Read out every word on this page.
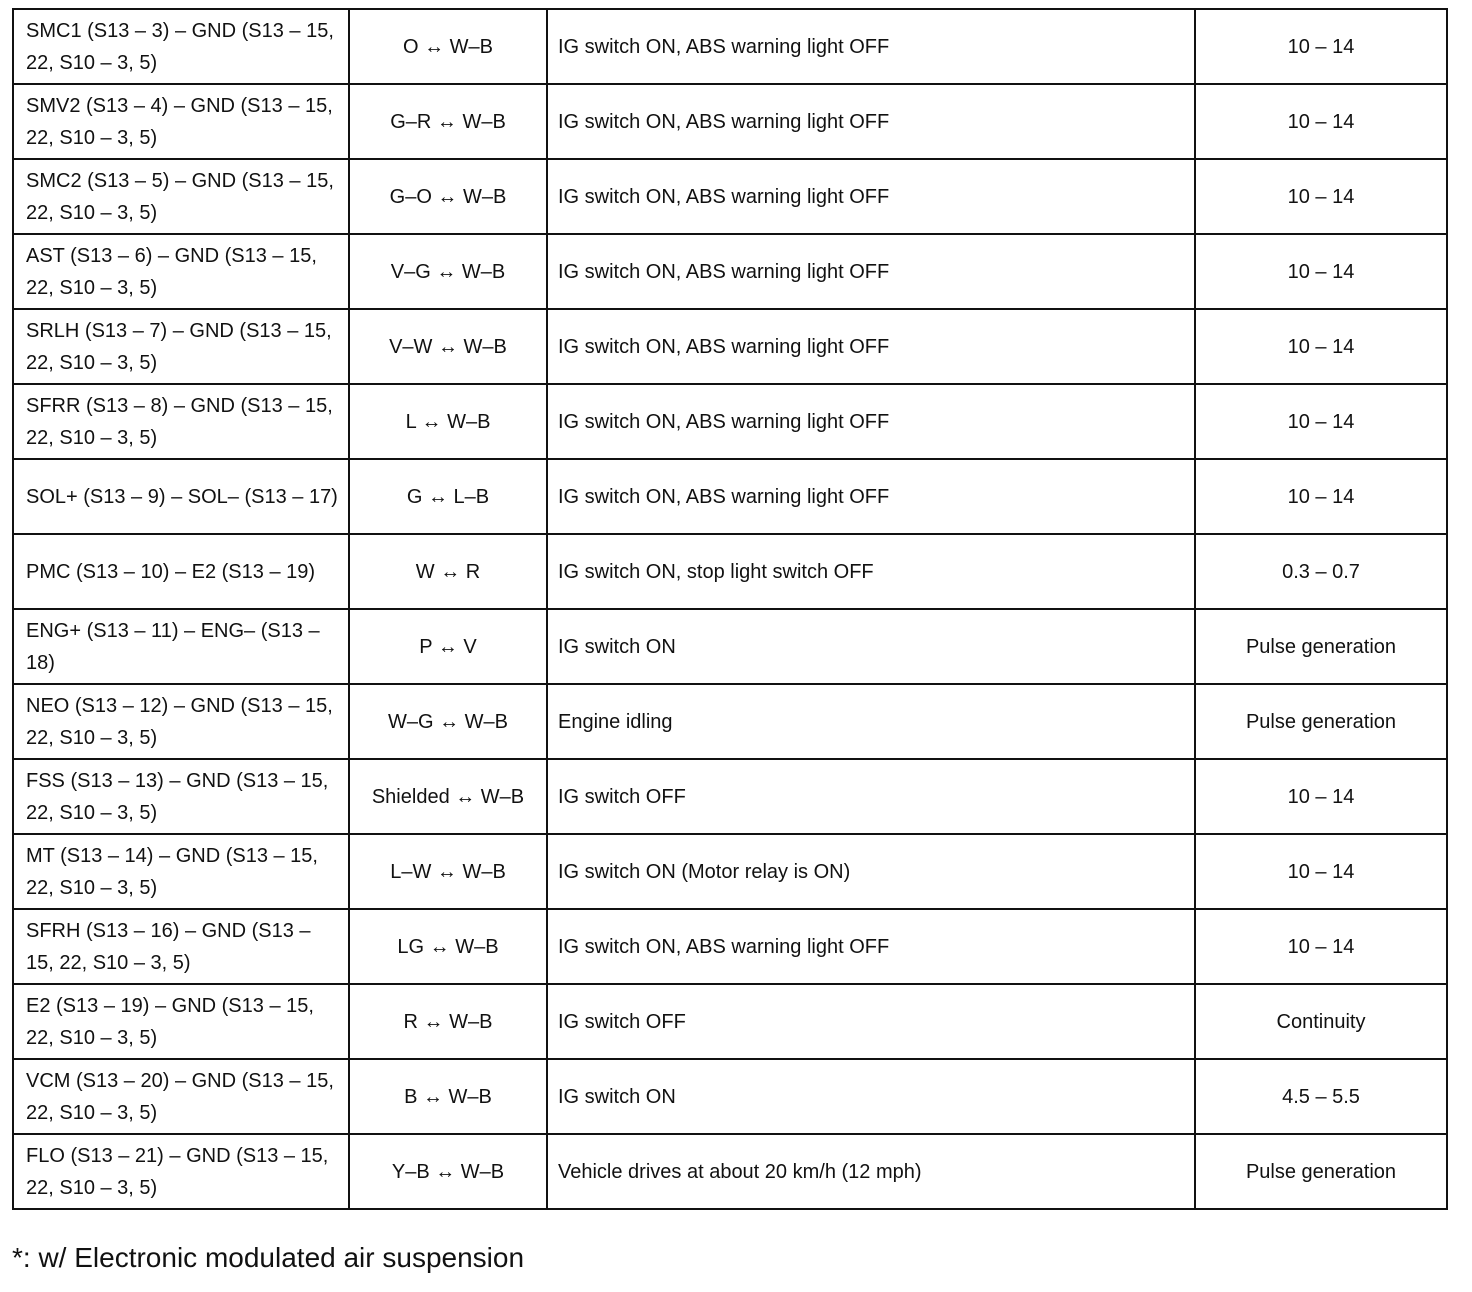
SMC1 (S13 – 3) – GND (S13 – 15, 22, S10 – 3, 5)	O ↔ W–B	IG switch ON, ABS warning light OFF	10 – 14
SMV2 (S13 – 4) – GND (S13 – 15, 22, S10 – 3, 5)	G–R ↔ W–B	IG switch ON, ABS warning light OFF	10 – 14
SMC2 (S13 – 5) – GND (S13 – 15, 22, S10 – 3, 5)	G–O ↔ W–B	IG switch ON, ABS warning light OFF	10 – 14
AST (S13 – 6) – GND (S13 – 15, 22, S10 – 3, 5)	V–G ↔ W–B	IG switch ON, ABS warning light OFF	10 – 14
SRLH (S13 – 7) – GND (S13 – 15, 22, S10 – 3, 5)	V–W ↔ W–B	IG switch ON, ABS warning light OFF	10 – 14
SFRR (S13 – 8) – GND (S13 – 15, 22, S10 – 3, 5)	L ↔ W–B	IG switch ON, ABS warning light OFF	10 – 14
SOL+ (S13 – 9) – SOL– (S13 – 17)	G ↔ L–B	IG switch ON, ABS warning light OFF	10 – 14
PMC (S13 – 10) – E2 (S13 – 19)	W ↔ R	IG switch ON, stop light switch OFF	0.3 – 0.7
ENG+ (S13 – 11) – ENG– (S13 – 18)	P ↔ V	IG switch ON	Pulse generation
NEO (S13 – 12) – GND (S13 – 15, 22, S10 – 3, 5)	W–G ↔ W–B	Engine idling	Pulse generation
FSS (S13 – 13) – GND (S13 – 15, 22, S10 – 3, 5)	Shielded ↔ W–B	IG switch OFF	10 – 14
MT (S13 – 14) – GND (S13 – 15, 22, S10 – 3, 5)	L–W ↔ W–B	IG switch ON (Motor relay is ON)	10 – 14
SFRH (S13 – 16) – GND (S13 – 15, 22, S10 – 3, 5)	LG ↔ W–B	IG switch ON, ABS warning light OFF	10 – 14
E2 (S13 – 19) – GND (S13 – 15, 22, S10 – 3, 5)	R ↔ W–B	IG switch OFF	Continuity
VCM (S13 – 20) – GND (S13 – 15, 22, S10 – 3, 5)	B ↔ W–B	IG switch ON	4.5 – 5.5
FLO (S13 – 21) – GND (S13 – 15, 22, S10 – 3, 5)	Y–B ↔ W–B	Vehicle drives at about 20 km/h (12 mph)	Pulse generation
*: w/ Electronic modulated air suspension
